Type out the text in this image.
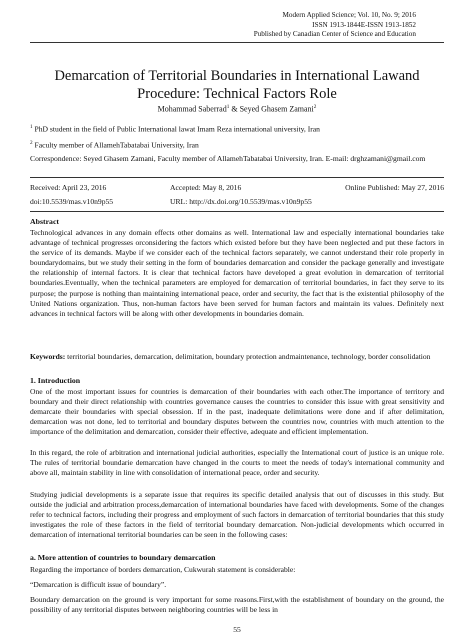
Modern Applied Science; Vol. 10, No. 9; 2016
ISSN 1913-1844E-ISSN 1913-1852
Published by Canadian Center of Science and Education
Demarcation of Territorial Boundaries in International Lawand Procedure: Technical Factors Role
Mohammad Saberrad$^1$ & Seyed Ghasem Zamani$^2$
$^1$ PhD student in the field of Public International lawat Imam Reza international university, Iran
$^2$ Faculty member of AllamehTabatabai University, Iran
Correspondence: Seyed Ghasem Zamani, Faculty member of AllamehTabatabai University, Iran. E-mail: drghzamani@gmail.com
Received: April 23, 2016	Accepted: May 8, 2016	Online Published: May 27, 2016
doi:10.5539/mas.v10n9p55	URL: http://dx.doi.org/10.5539/mas.v10n9p55
Abstract

Technological advances in any domain effects other domains as well. International law and especially international boundaries take advantage of technical progresses orconsidering the factors which existed before but they have been neglected and put these factors in the service of its demands. Maybe if we consider each of the technical factors separately, we cannot understand their role properly in boundarydomains, but we study their setting in the form of boundaries demarcation and consider the package generally and investigate the relationship of internal factors. It is clear that technical factors have developed a great evolution in demarcation of territorial boundaries.Eventually, when the technical parameters are employed for demarcation of territorial boundaries, in fact they serve to its purpose; the purpose is nothing than maintaining international peace, order and security, the fact that is the existential philosophy of the United Nations organization. Thus, non-human factors have been served for human factors and maintain its values. Definitely next advances in technical factors will be along with other developments in boundaries domain.

Keywords: territorial boundaries, demarcation, delimitation, boundary protection andmaintenance, technology, border consolidation

1. Introduction

One of the most important issues for countries is demarcation of their boundaries with each other.The importance of territory and boundary and their direct relationship with countries governance causes the countries to consider this issue with great sensitivity and demarcate their boundaries with special obsession. If in the past, inadequate delimitations were done and if after delimitation, demarcation was not done, led to territorial and boundary disputes between the countries now, countries with much attention to the importance of the delimitation and demarcation, consider their effective, adequate and efficient implementation.

In this regard, the role of arbitration and international judicial authorities, especially the International court of justice is an unique role. The rules of territorial boundarie demarcation have changed in the courts to meet the needs of today's international community and above all, maintain stability in line with consolidation of international peace, order and security.

Studying judicial developments is a separate issue that requires its specific detailed analysis that out of discusses in this study. But outside the judicial and arbitration process,demarcation of international boundaries have faced with developments. Some of the changes refer to technical factors, including their progress and employment of such factors in demarcation of territorial boundaries that this study investigates the role of these factors in the field of territorial boundary demarcation. Non-judicial developments which occurred in demarcation of international territorial boundaries can be seen in the following cases:

a. More attention of countries to boundary demarcation

Regarding the importance of borders demarcation, Cukwurah statement is considerable:

“Demarcation is difficult issue of boundary”.

Boundary demarcation on the ground is very important for some reasons.First,with the establishment of boundary on the ground, the possibility of any territorial disputes between neighboring countries will be less in

55
